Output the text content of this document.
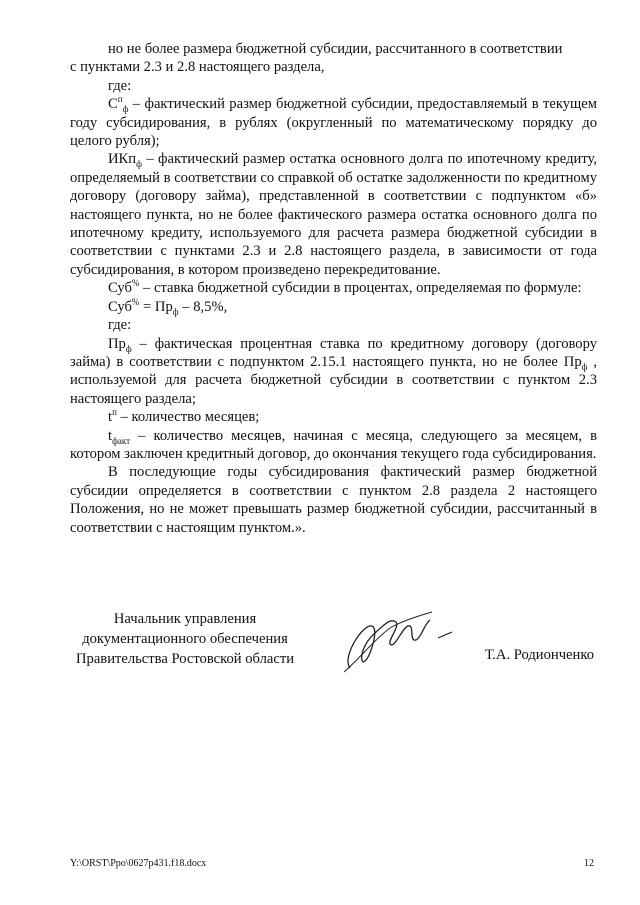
но не более размера бюджетной субсидии, рассчитанного в соответствии

с пунктами 2.3 и 2.8 настоящего раздела,

где:

$С^п_ф$ – фактический размер бюджетной субсидии, предоставляемый в текущем году субсидирования, в рублях (округленный по математическому порядку до целого рубля);

ИКп$_ф$ – фактический размер остатка основного долга по ипотечному кредиту, определяемый в соответствии со справкой об остатке задолженности по кредитному договору (договору займа), представленной в соответствии с подпунктом «б» настоящего пункта, но не более фактического размера остатка основного долга по ипотечному кредиту, используемого для расчета размера бюджетной субсидии в соответствии с пунктами 2.3 и 2.8 настоящего раздела, в зависимости от года субсидирования, в котором произведено перекредитование.

Суб% – ставка бюджетной субсидии в процентах, определяемая по формуле:

$Суб^{\%} = Пр_ф - 8,5\%$,

где:

$Пр_ф$ – фактическая процентная ставка по кредитному договору (договору займа) в соответствии с подпунктом 2.15.1 настоящего пункта, но не более $Пр_ф$ , используемой для расчета бюджетной субсидии в соответствии с пунктом 2.3 настоящего раздела;

$t^п$ – количество месяцев;

$t_{факт}$ – количество месяцев, начиная с месяца, следующего за месяцем, в котором заключен кредитный договор, до окончания текущего года субсидирования.

В последующие годы субсидирования фактический размер бюджетной субсидии определяется в соответствии с пунктом 2.8 раздела 2 настоящего Положения, но не может превышать размер бюджетной субсидии, рассчитанный в соответствии с настоящим пунктом.».

Начальник управления
документационного обеспечения
Правительства Ростовской области	Т.А. Родионченко
Y:\ORST\Ppo\0627p431.f18.docx	12
